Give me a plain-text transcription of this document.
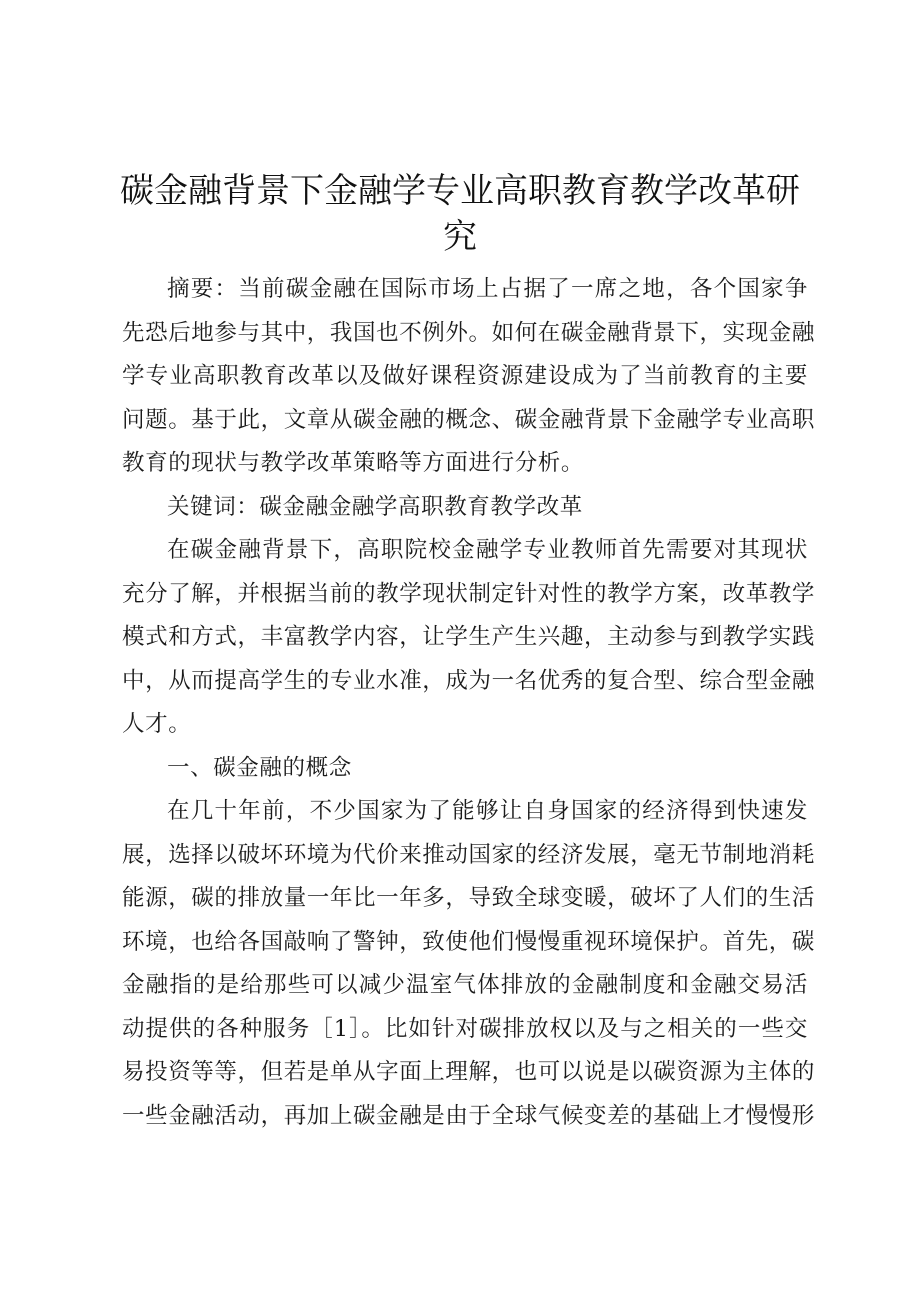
碳金融背景下金融学专业高职教育教学改革研
究

摘要：当前碳金融在国际市场上占据了一席之地，各个国家争
先恐后地参与其中，我国也不例外。如何在碳金融背景下，实现金融
学专业高职教育改革以及做好课程资源建设成为了当前教育的主要
问题。基于此，文章从碳金融的概念、碳金融背景下金融学专业高职
教育的现状与教学改革策略等方面进行分析。

关键词：碳金融金融学高职教育教学改革

在碳金融背景下，高职院校金融学专业教师首先需要对其现状
充分了解，并根据当前的教学现状制定针对性的教学方案，改革教学
模式和方式，丰富教学内容，让学生产生兴趣，主动参与到教学实践
中，从而提高学生的专业水准，成为一名优秀的复合型、综合型金融
人才。

一、碳金融的概念

在几十年前，不少国家为了能够让自身国家的经济得到快速发
展，选择以破坏环境为代价来推动国家的经济发展，毫无节制地消耗
能源，碳的排放量一年比一年多，导致全球变暖，破坏了人们的生活
环境，也给各国敲响了警钟，致使他们慢慢重视环境保护。首先，碳
金融指的是给那些可以减少温室气体排放的金融制度和金融交易活
动提供的各种服务［1］。比如针对碳排放权以及与之相关的一些交
易投资等等，但若是单从字面上理解，也可以说是以碳资源为主体的
一些金融活动，再加上碳金融是由于全球气候变差的基础上才慢慢形
